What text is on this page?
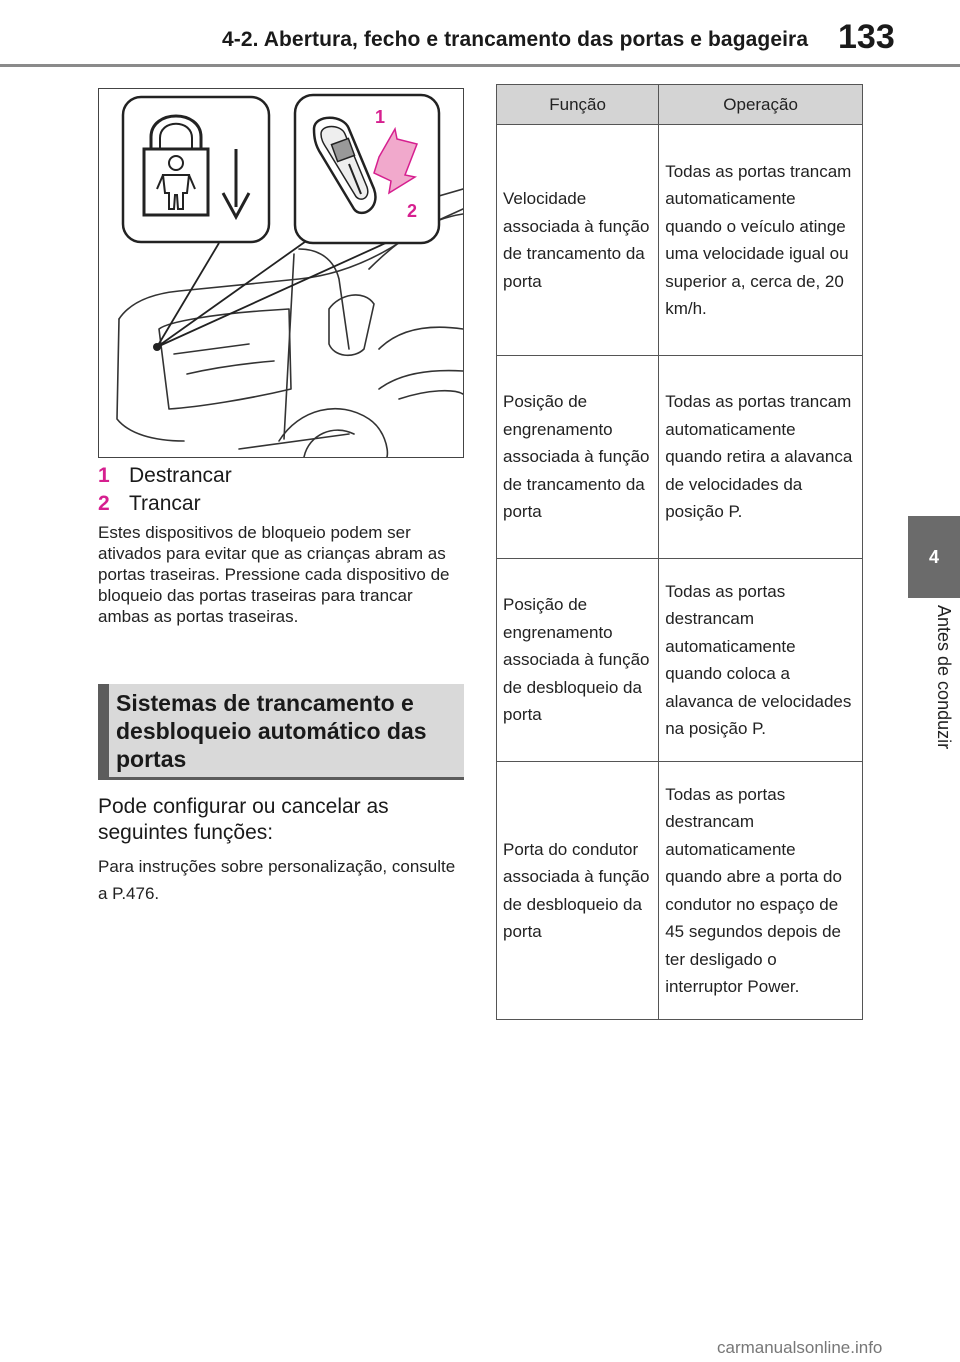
4-2. Abertura, fecho e trancamento das portas e bagageira 133
4
Antes de conduzir
1
2
1 Destrancar
2 Trancar
Estes dispositivos de bloqueio podem ser ativados para evitar que as crianças abram as portas traseiras. Pressione cada dispositivo de bloqueio das portas traseiras para trancar ambas as portas traseiras.
Sistemas de trancamento e desbloqueio automático das portas
Pode configurar ou cancelar as seguintes funções:
Para instruções sobre personalização, consulte a P.476.
Função	Operação
Velocidade associada à função de trancamento da porta	Todas as portas trancam automaticamente quando o veículo atinge uma velocidade igual ou superior a, cerca de, 20 km/h.
Posição de engrenamento associada à função de trancamento da porta	Todas as portas trancam automaticamente quando retira a alavanca de velocidades da posição P.
Posição de engrenamento associada à função de desbloqueio da porta	Todas as portas destrancam automaticamente quando coloca a alavanca de velocidades na posição P.
Porta do condutor associada à função de desbloqueio da porta	Todas as portas destrancam automaticamente quando abre a porta do condutor no espaço de 45 segundos depois de ter desligado o interruptor Power.
carmanualsonline.info
